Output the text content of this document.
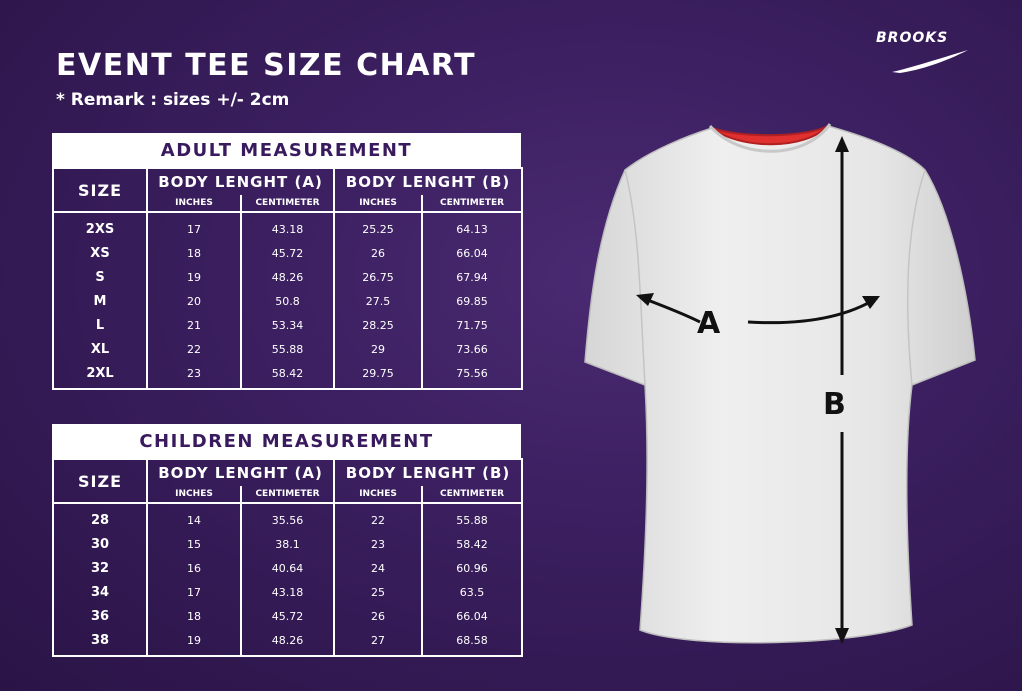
EVENT TEE SIZE CHART
* Remark : sizes +/- 2cm
BROOKS
ADULT MEASUREMENT
SIZE	BODY LENGHT (A)		BODY LENGHT (B)	
	INCHES	CENTIMETER	INCHES	CENTIMETER
2XS	17	43.18	25.25	64.13
XS	18	45.72	26	66.04
S	19	48.26	26.75	67.94
M	20	50.8	27.5	69.85
L	21	53.34	28.25	71.75
XL	22	55.88	29	73.66
2XL	23	58.42	29.75	75.56
CHILDREN MEASUREMENT
SIZE	BODY LENGHT (A)		BODY LENGHT (B)	
	INCHES	CENTIMETER	INCHES	CENTIMETER
28	14	35.56	22	55.88
30	15	38.1	23	58.42
32	16	40.64	24	60.96
34	17	43.18	25	63.5
36	18	45.72	26	66.04
38	19	48.26	27	68.58
A
B
